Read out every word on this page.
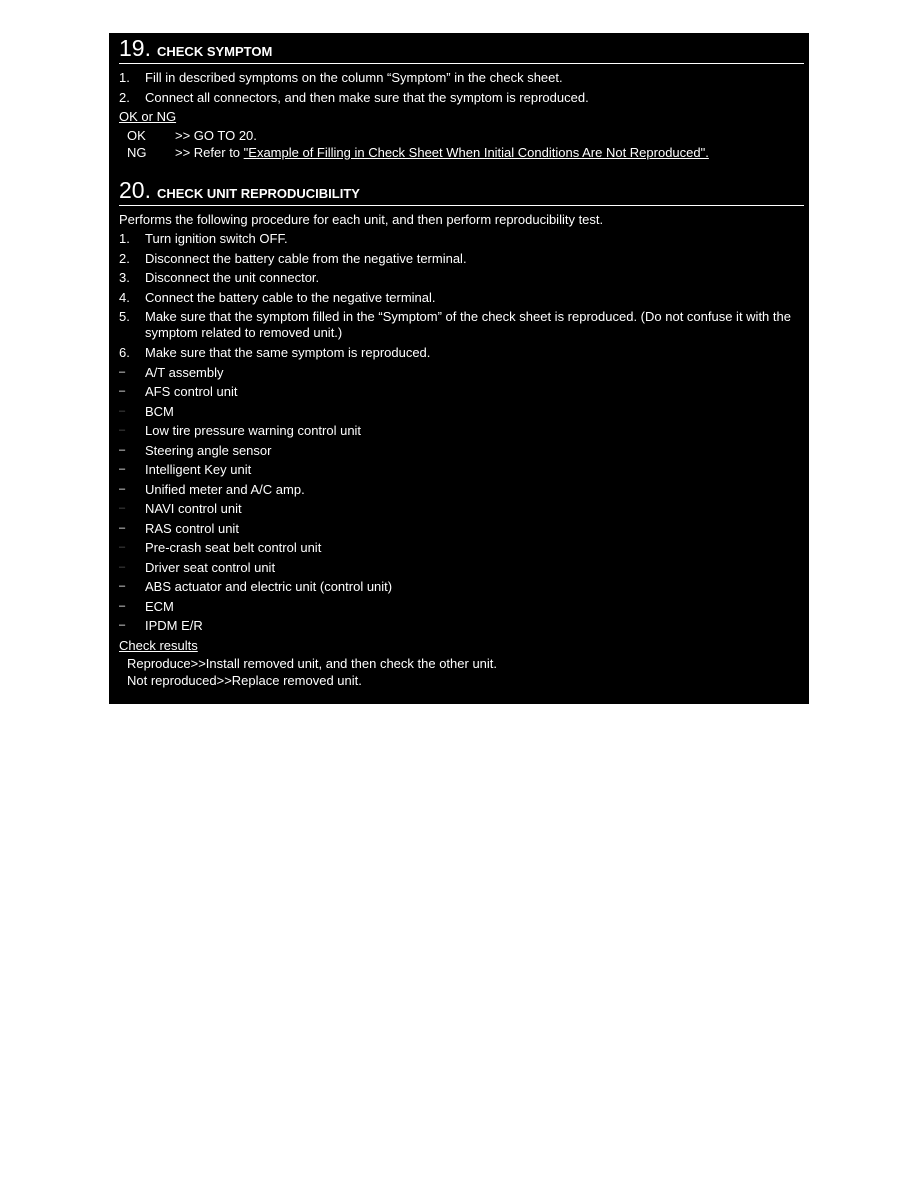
19. CHECK SYMPTOM
1.	Fill in described symptoms on the column “Symptom” in the check sheet.
2.	Connect all connectors, and then make sure that the symptom is reproduced.
OK or NG
OK	>> GO TO 20.
NG	>> Refer to "Example of Filling in Check Sheet When Initial Conditions Are Not Reproduced".
20. CHECK UNIT REPRODUCIBILITY
Performs the following procedure for each unit, and then perform reproducibility test.
1.	Turn ignition switch OFF.
2.	Disconnect the battery cable from the negative terminal.
3.	Disconnect the unit connector.
4.	Connect the battery cable to the negative terminal.
5.	Make sure that the symptom filled in the “Symptom” of the check sheet is reproduced. (Do not confuse it with the symptom related to removed unit.)
6.	Make sure that the same symptom is reproduced.
–	A/T assembly
–	AFS control unit
–	BCM
–	Low tire pressure warning control unit
–	Steering angle sensor
–	Intelligent Key unit
–	Unified meter and A/C amp.
–	NAVI control unit
–	RAS control unit
–	Pre-crash seat belt control unit
–	Driver seat control unit
–	ABS actuator and electric unit (control unit)
–	ECM
–	IPDM E/R
Check results
Reproduce>>Install removed unit, and then check the other unit.
Not reproduced>>Replace removed unit.
